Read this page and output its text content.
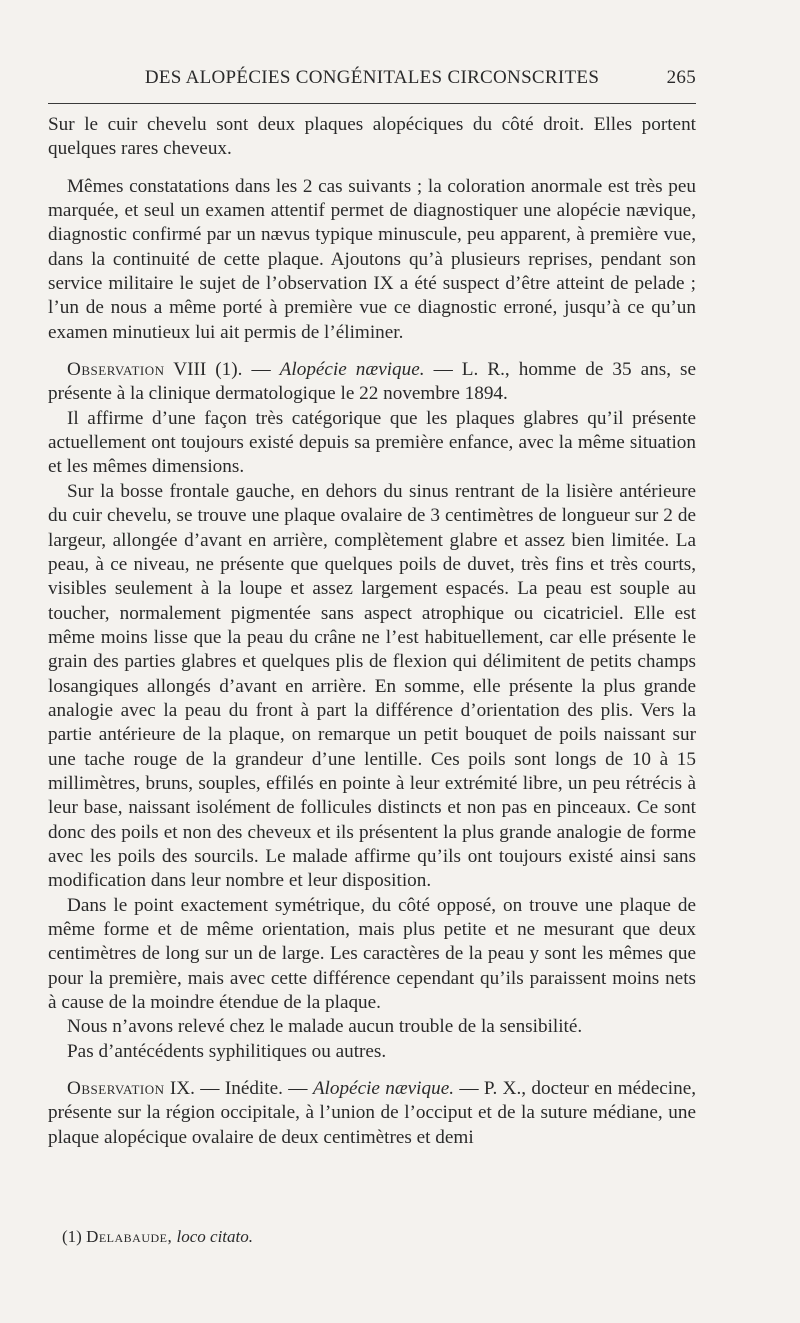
DES ALOPÉCIES CONGÉNITALES CIRCONSCRITES	265

Sur le cuir chevelu sont deux plaques alopéciques du côté droit. Elles portent quelques rares cheveux.

Mêmes constatations dans les 2 cas suivants ; la coloration anormale est très peu marquée, et seul un examen attentif permet de diagnostiquer une alopécie nævique, diagnostic confirmé par un nævus typique minuscule, peu apparent, à première vue, dans la continuité de cette plaque. Ajoutons qu’à plusieurs reprises, pendant son service militaire le sujet de l’observation IX a été suspect d’être atteint de pelade ; l’un de nous a même porté à première vue ce diagnostic erroné, jusqu’à ce qu’un examen minutieux lui ait permis de l’éliminer.

Observation VIII (1). — Alopécie nævique. — L. R., homme de 35 ans, se présente à la clinique dermatologique le 22 novembre 1894.

Il affirme d’une façon très catégorique que les plaques glabres qu’il présente actuellement ont toujours existé depuis sa première enfance, avec la même situation et les mêmes dimensions.

Sur la bosse frontale gauche, en dehors du sinus rentrant de la lisière antérieure du cuir chevelu, se trouve une plaque ovalaire de 3 centimètres de longueur sur 2 de largeur, allongée d’avant en arrière, complètement glabre et assez bien limitée. La peau, à ce niveau, ne présente que quelques poils de duvet, très fins et très courts, visibles seulement à la loupe et assez largement espacés. La peau est souple au toucher, normalement pigmentée sans aspect atrophique ou cicatriciel. Elle est même moins lisse que la peau du crâne ne l’est habituellement, car elle présente le grain des parties glabres et quelques plis de flexion qui délimitent de petits champs losangiques allongés d’avant en arrière. En somme, elle présente la plus grande analogie avec la peau du front à part la différence d’orientation des plis. Vers la partie antérieure de la plaque, on remarque un petit bouquet de poils naissant sur une tache rouge de la grandeur d’une lentille. Ces poils sont longs de 10 à 15 millimètres, bruns, souples, effilés en pointe à leur extrémité libre, un peu rétrécis à leur base, naissant isolément de follicules distincts et non pas en pinceaux. Ce sont donc des poils et non des cheveux et ils présentent la plus grande analogie de forme avec les poils des sourcils. Le malade affirme qu’ils ont toujours existé ainsi sans modification dans leur nombre et leur disposition.

Dans le point exactement symétrique, du côté opposé, on trouve une plaque de même forme et de même orientation, mais plus petite et ne mesurant que deux centimètres de long sur un de large. Les caractères de la peau y sont les mêmes que pour la première, mais avec cette différence cependant qu’ils paraissent moins nets à cause de la moindre étendue de la plaque.

Nous n’avons relevé chez le malade aucun trouble de la sensibilité.

Pas d’antécédents syphilitiques ou autres.

Observation IX. — Inédite. — Alopécie nævique. — P. X., docteur en médecine, présente sur la région occipitale, à l’union de l’occiput et de la suture médiane, une plaque alopécique ovalaire de deux centimètres et demi

(1) Delabaude, loco citato.
